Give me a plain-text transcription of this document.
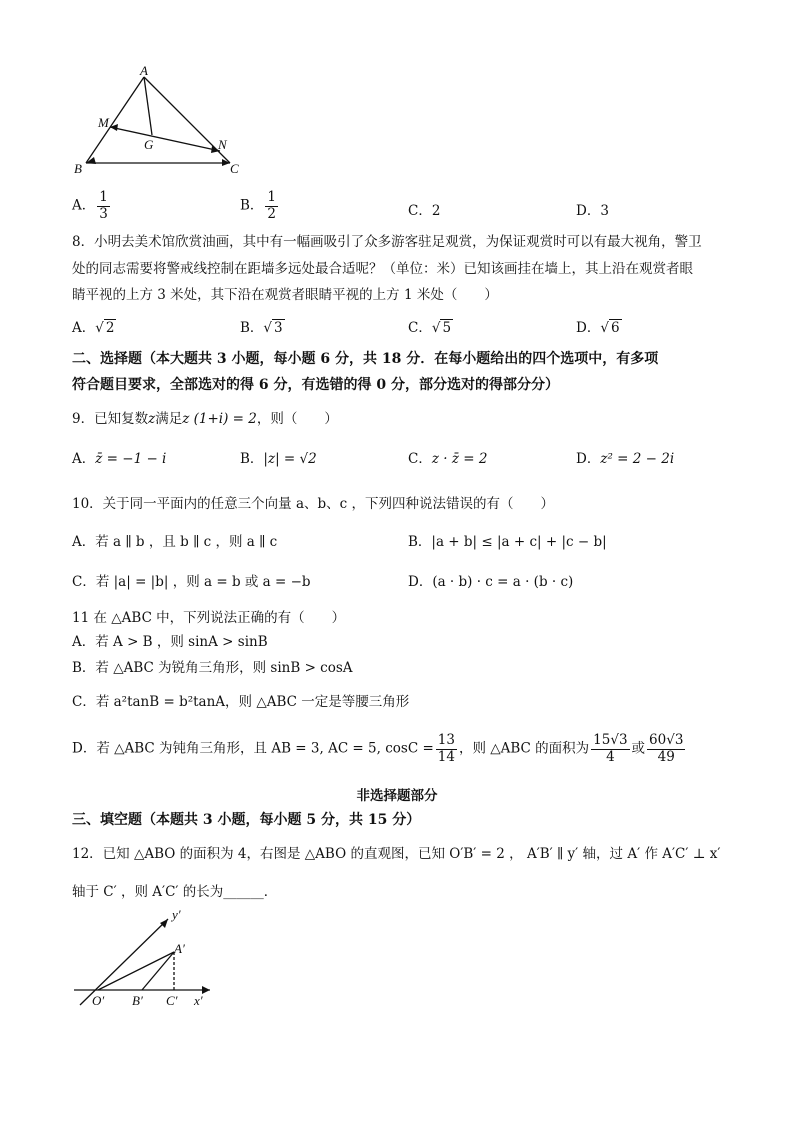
A
M
G	N
B	C
A． $\frac{1}{3}$	B． $\frac{1}{2}$	C．2	D．3
8．小明去美术馆欣赏油画，其中有一幅画吸引了众多游客驻足观赏，为保证观赏时可以有最大视角，警卫
处的同志需要将警戒线控制在距墙多远处最合适呢？（单位：米）已知该画挂在墙上，其上沿在观赏者眼
睛平视的上方 3 米处，其下沿在观赏者眼睛平视的上方 1 米处（　　）
A．√ 2	B．√ 3	C．√ 5	D．√ 6
二、选择题（本大题共 3 小题，每小题 6 分，共 18 分．在每小题给出的四个选项中，有多项
符合题目要求，全部选对的得 6 分，有选错的得 0 分，部分选对的得部分分）
9．已知复数z满足z (1+i) = 2，则（　　）
A．z̄ = −1 − i	B．|z| = √2	C．z · z̄ = 2	D．z² = 2 − 2i
10．关于同一平面内的任意三个向量 a、b、c ，下列四种说法错误的有（　　）
A．若 a ∥ b ，且 b ∥ c ，则 a ∥ c	B．|a + b| ≤ |a + c| + |c − b|
C．若 |a| = |b| ，则 a = b 或 a = −b	D．(a · b) · c = a · (b · c)
11 在 △ABC 中，下列说法正确的有（　　）
A．若 A > B ，则 sinA > sinB
B．若 △ABC 为锐角三角形，则 sinB > cosA
C．若 a²tanB = b²tanA，则 △ABC 一定是等腰三角形
D．若 △ABC 为钝角三角形，且 AB = 3, AC = 5, $\cos C = \frac{13}{14}$ ，则 △ABC 的面积为 $\frac{15√3}{4}$ 或 $\frac{60√3}{49}$
非选择题部分
三、填空题（本题共 3 小题，每小题 5 分，共 15 分）
12．已知 △ABO 的面积为 4，右图是 △ABO 的直观图，已知 O′B′ = 2 ， A′B′ ∥ y′ 轴，过 A′ 作 A′C′ ⊥ x′
轴于 C′ ，则 A′C′ 的长为______．
y′
A′
O′ B′ C′ x′
